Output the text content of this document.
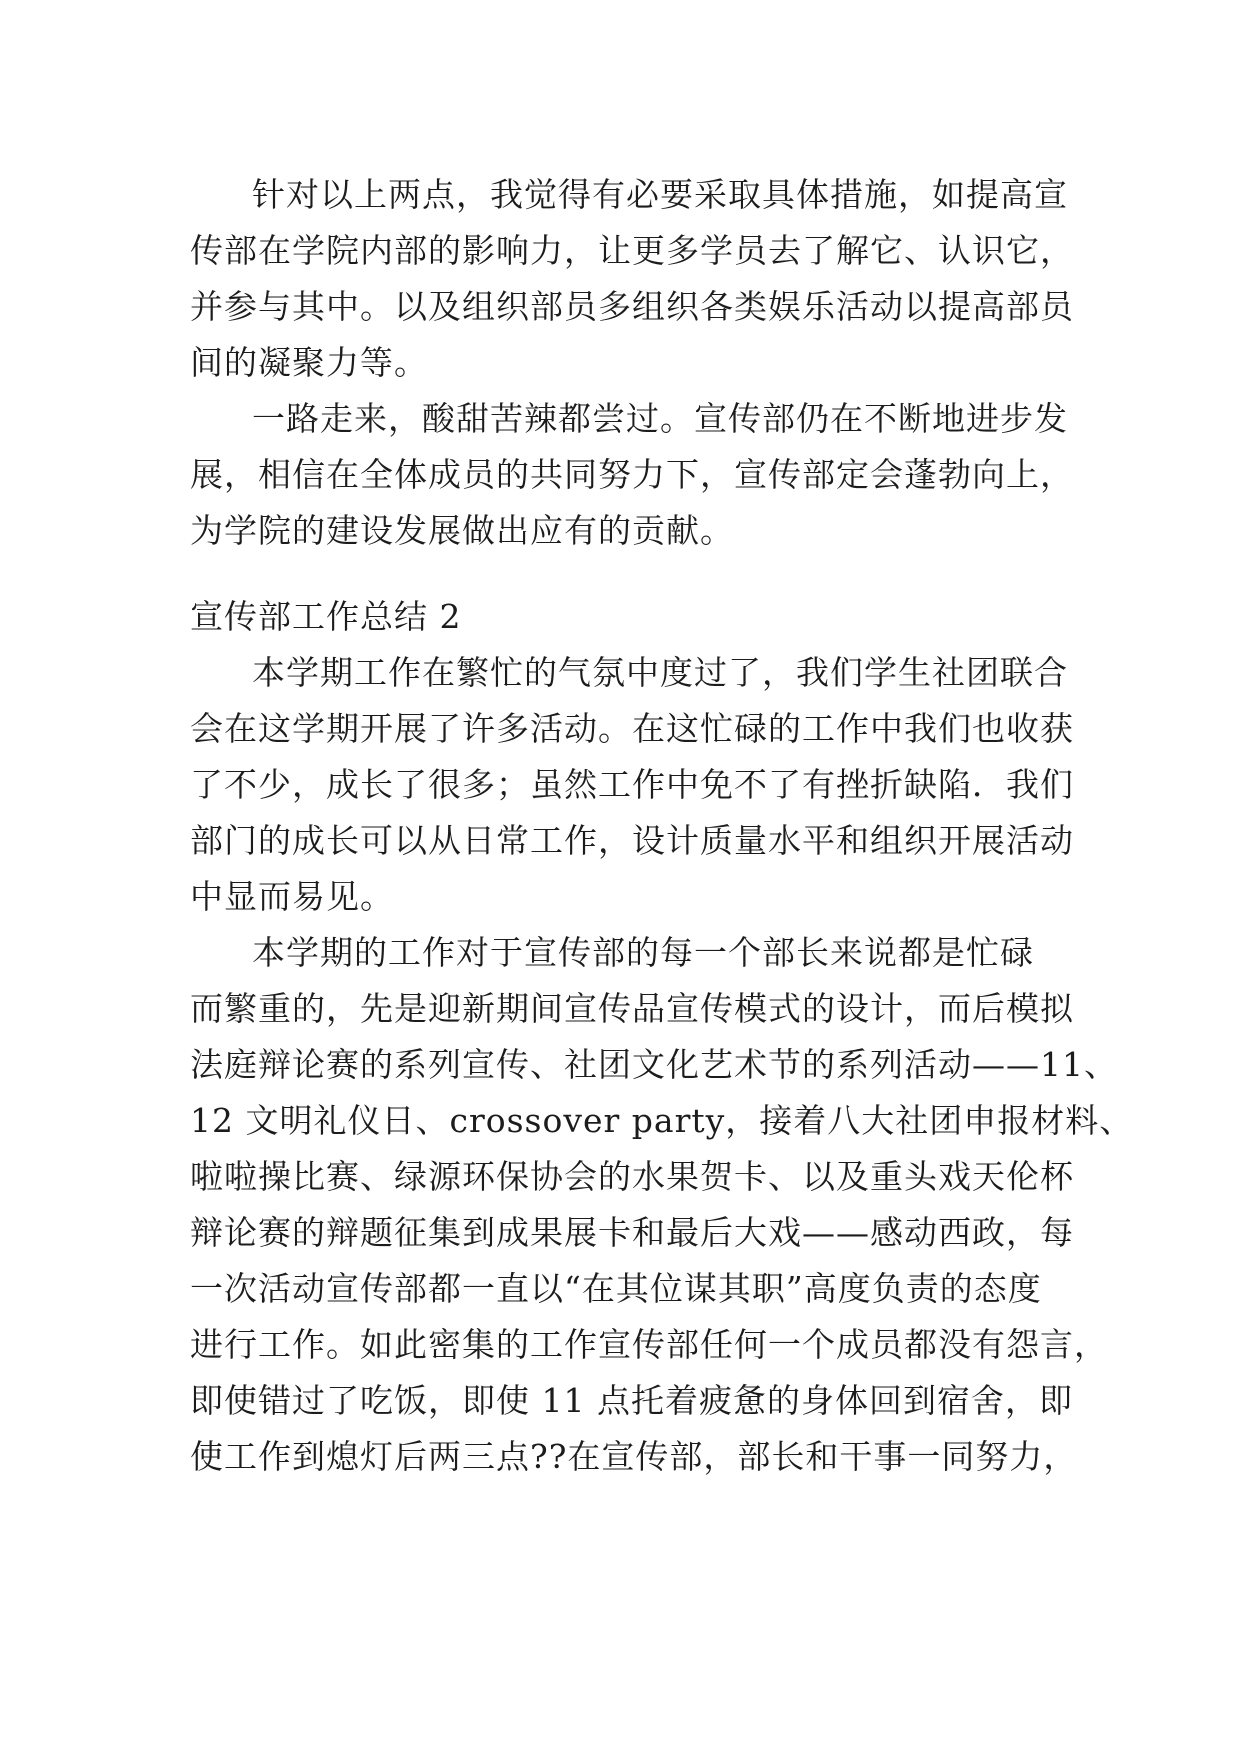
针对以上两点，我觉得有必要采取具体措施，如提高宣
传部在学院内部的影响力，让更多学员去了解它、认识它，
并参与其中。以及组织部员多组织各类娱乐活动以提高部员
间的凝聚力等。
一路走来，酸甜苦辣都尝过。宣传部仍在不断地进步发
展，相信在全体成员的共同努力下，宣传部定会蓬勃向上，
为学院的建设发展做出应有的贡献。
宣传部工作总结 2
本学期工作在繁忙的气氛中度过了，我们学生社团联合
会在这学期开展了许多活动。在这忙碌的工作中我们也收获
了不少，成长了很多；虽然工作中免不了有挫折缺陷．我们
部门的成长可以从日常工作，设计质量水平和组织开展活动
中显而易见。
本学期的工作对于宣传部的每一个部长来说都是忙碌
而繁重的，先是迎新期间宣传品宣传模式的设计，而后模拟
法庭辩论赛的系列宣传、社团文化艺术节的系列活动——11、
12 文明礼仪日、crossover party，接着八大社团申报材料、
啦啦操比赛、绿源环保协会的水果贺卡、以及重头戏天伦杯
辩论赛的辩题征集到成果展卡和最后大戏——感动西政，每
一次活动宣传部都一直以“在其位谋其职”高度负责的态度
进行工作。如此密集的工作宣传部任何一个成员都没有怨言，
即使错过了吃饭，即使 11 点托着疲惫的身体回到宿舍，即
使工作到熄灯后两三点??在宣传部，部长和干事一同努力，
